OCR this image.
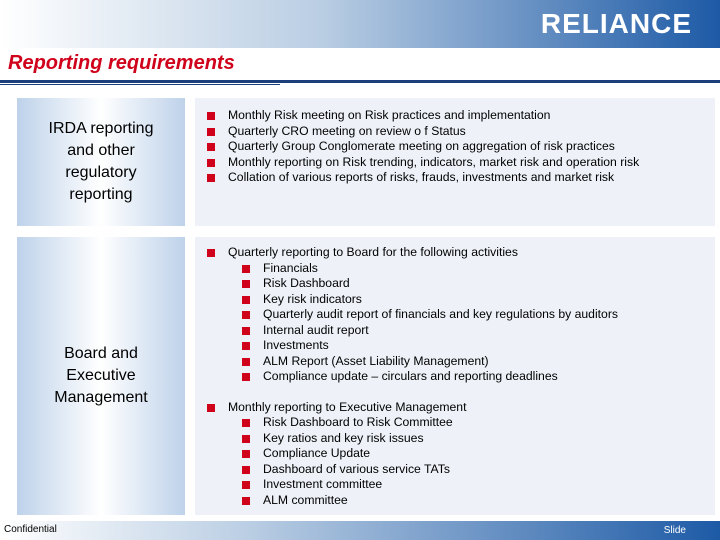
RELIANCE
Reporting requirements
IRDA reporting
and other
regulatory
reporting
Monthly Risk meeting on Risk practices and implementation
Quarterly CRO meeting on review o f Status
Quarterly Group Conglomerate meeting on aggregation of risk practices
Monthly reporting on Risk trending, indicators, market risk and operation risk
Collation of various reports of risks, frauds, investments and market risk
Board and
Executive
Management
Quarterly reporting to Board for the following activities
Financials
Risk Dashboard
Key risk indicators
Quarterly audit report of financials and key regulations by auditors
Internal audit report
Investments
ALM Report (Asset Liability Management)
Compliance update – circulars and reporting deadlines
Monthly reporting to Executive Management
Risk Dashboard to Risk Committee
Key ratios and key risk issues
Compliance Update
Dashboard of various service TATs
Investment committee
ALM committee
Confidential	Slide
